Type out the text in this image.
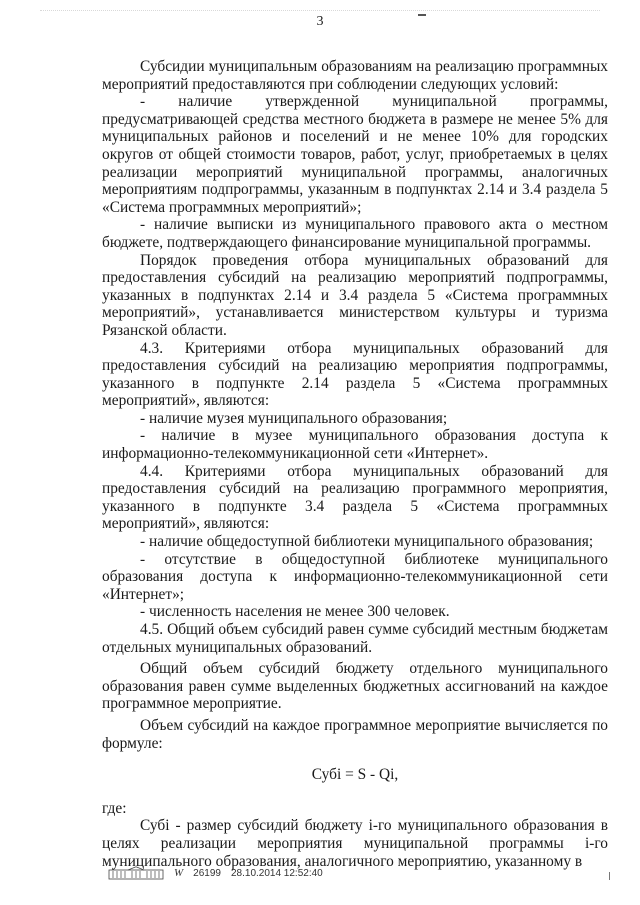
3

Субсидии муниципальным образованиям на реализацию программных мероприятий предоставляются при соблюдении следующих условий:

- наличие утвержденной муниципальной программы, предусматривающей средства местного бюджета в размере не менее 5% для муниципальных районов и поселений и не менее 10% для городских округов от общей стоимости товаров, работ, услуг, приобретаемых в целях реализации мероприятий муниципальной программы, аналогичных мероприятиям подпрограммы, указанным в подпунктах 2.14 и 3.4 раздела 5 «Система программных мероприятий»;

- наличие выписки из муниципального правового акта о местном бюджете, подтверждающего финансирование муниципальной программы.

Порядок проведения отбора муниципальных образований для предоставления субсидий на реализацию мероприятий подпрограммы, указанных в подпунктах 2.14 и 3.4 раздела 5 «Система программных мероприятий», устанавливается министерством культуры и туризма Рязанской области.

4.3. Критериями отбора муниципальных образований для предоставления субсидий на реализацию мероприятия подпрограммы, указанного в подпункте 2.14 раздела 5 «Система программных мероприятий», являются:

- наличие музея муниципального образования;

- наличие в музее муниципального образования доступа к информационно-телекоммуникационной сети «Интернет».

4.4. Критериями отбора муниципальных образований для предоставления субсидий на реализацию программного мероприятия, указанного в подпункте 3.4 раздела 5 «Система программных мероприятий», являются:

- наличие общедоступной библиотеки муниципального образования;

- отсутствие в общедоступной библиотеке муниципального образования доступа к информационно-телекоммуникационной сети «Интернет»;

- численность населения не менее 300 человек.

4.5. Общий объем субсидий равен сумме субсидий местным бюджетам отдельных муниципальных образований.

Общий объем субсидий бюджету отдельного муниципального образования равен сумме выделенных бюджетных ассигнований на каждое программное мероприятие.

Объем субсидий на каждое программное мероприятие вычисляется по формуле:

Субi = S - Qi,

где:

Субi - размер субсидий бюджету i-го муниципального образования в целях реализации мероприятия муниципальной программы i-го муниципального образования, аналогичного мероприятию, указанному в

W 26199 28.10.2014 12:52:40
